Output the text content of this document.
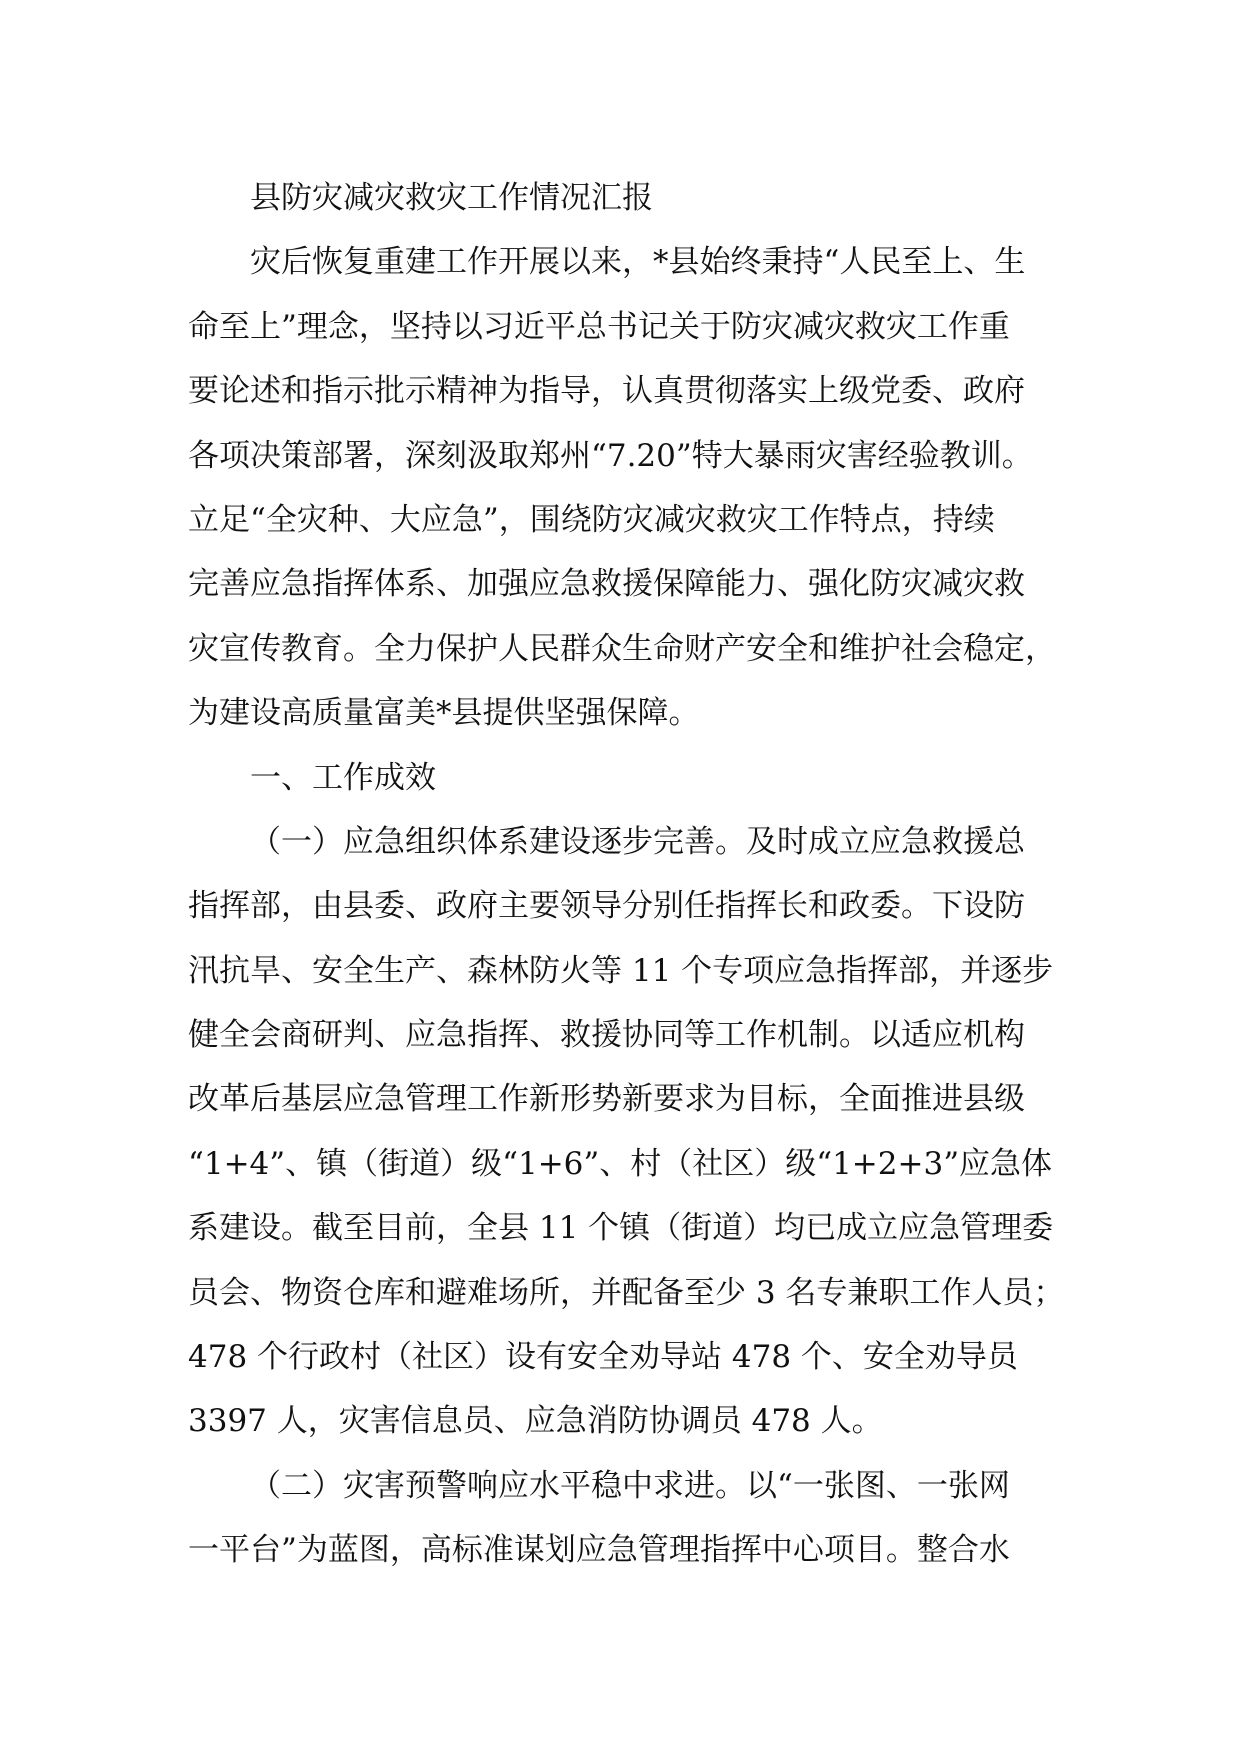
县防灾减灾救灾工作情况汇报
灾后恢复重建工作开展以来，*县始终秉持“人民至上、生
命至上”理念，坚持以习近平总书记关于防灾减灾救灾工作重
要论述和指示批示精神为指导，认真贯彻落实上级党委、政府
各项决策部署，深刻汲取郑州“7.20”特大暴雨灾害经验教训。
立足“全灾种、大应急”，围绕防灾减灾救灾工作特点，持续
完善应急指挥体系、加强应急救援保障能力、强化防灾减灾救
灾宣传教育。全力保护人民群众生命财产安全和维护社会稳定，
为建设高质量富美*县提供坚强保障。
一、工作成效
（一）应急组织体系建设逐步完善。及时成立应急救援总
指挥部，由县委、政府主要领导分别任指挥长和政委。下设防
汛抗旱、安全生产、森林防火等 11 个专项应急指挥部，并逐步
健全会商研判、应急指挥、救援协同等工作机制。以适应机构
改革后基层应急管理工作新形势新要求为目标，全面推进县级
“1+4”、镇（街道）级“1+6”、村（社区）级“1+2+3”应急体
系建设。截至目前，全县 11 个镇（街道）均已成立应急管理委
员会、物资仓库和避难场所，并配备至少 3 名专兼职工作人员；
478 个行政村（社区）设有安全劝导站 478 个、安全劝导员
3397 人，灾害信息员、应急消防协调员 478 人。
（二）灾害预警响应水平稳中求进。以“一张图、一张网
一平台”为蓝图，高标准谋划应急管理指挥中心项目。整合水
